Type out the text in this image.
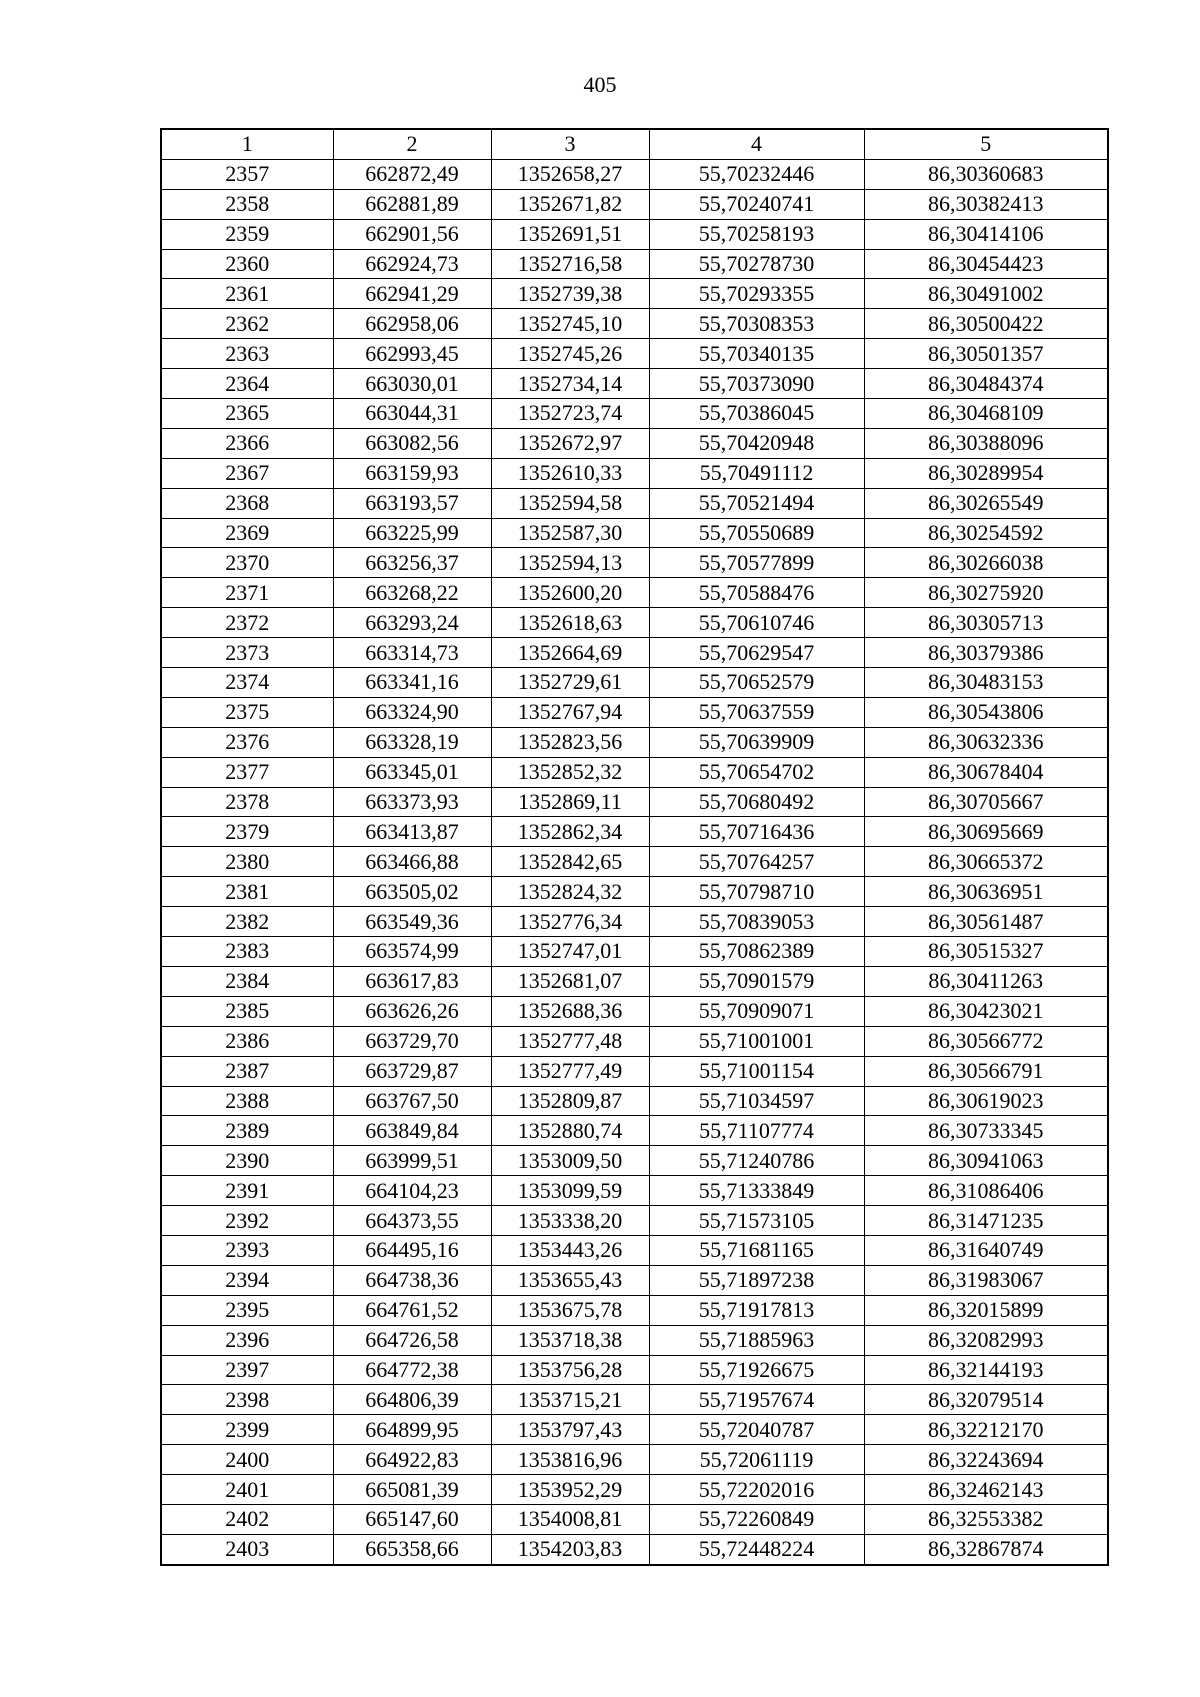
405
1	2	3	4	5
2357	662872,49	1352658,27	55,70232446	86,30360683
2358	662881,89	1352671,82	55,70240741	86,30382413
2359	662901,56	1352691,51	55,70258193	86,30414106
2360	662924,73	1352716,58	55,70278730	86,30454423
2361	662941,29	1352739,38	55,70293355	86,30491002
2362	662958,06	1352745,10	55,70308353	86,30500422
2363	662993,45	1352745,26	55,70340135	86,30501357
2364	663030,01	1352734,14	55,70373090	86,30484374
2365	663044,31	1352723,74	55,70386045	86,30468109
2366	663082,56	1352672,97	55,70420948	86,30388096
2367	663159,93	1352610,33	55,70491112	86,30289954
2368	663193,57	1352594,58	55,70521494	86,30265549
2369	663225,99	1352587,30	55,70550689	86,30254592
2370	663256,37	1352594,13	55,70577899	86,30266038
2371	663268,22	1352600,20	55,70588476	86,30275920
2372	663293,24	1352618,63	55,70610746	86,30305713
2373	663314,73	1352664,69	55,70629547	86,30379386
2374	663341,16	1352729,61	55,70652579	86,30483153
2375	663324,90	1352767,94	55,70637559	86,30543806
2376	663328,19	1352823,56	55,70639909	86,30632336
2377	663345,01	1352852,32	55,70654702	86,30678404
2378	663373,93	1352869,11	55,70680492	86,30705667
2379	663413,87	1352862,34	55,70716436	86,30695669
2380	663466,88	1352842,65	55,70764257	86,30665372
2381	663505,02	1352824,32	55,70798710	86,30636951
2382	663549,36	1352776,34	55,70839053	86,30561487
2383	663574,99	1352747,01	55,70862389	86,30515327
2384	663617,83	1352681,07	55,70901579	86,30411263
2385	663626,26	1352688,36	55,70909071	86,30423021
2386	663729,70	1352777,48	55,71001001	86,30566772
2387	663729,87	1352777,49	55,71001154	86,30566791
2388	663767,50	1352809,87	55,71034597	86,30619023
2389	663849,84	1352880,74	55,71107774	86,30733345
2390	663999,51	1353009,50	55,71240786	86,30941063
2391	664104,23	1353099,59	55,71333849	86,31086406
2392	664373,55	1353338,20	55,71573105	86,31471235
2393	664495,16	1353443,26	55,71681165	86,31640749
2394	664738,36	1353655,43	55,71897238	86,31983067
2395	664761,52	1353675,78	55,71917813	86,32015899
2396	664726,58	1353718,38	55,71885963	86,32082993
2397	664772,38	1353756,28	55,71926675	86,32144193
2398	664806,39	1353715,21	55,71957674	86,32079514
2399	664899,95	1353797,43	55,72040787	86,32212170
2400	664922,83	1353816,96	55,72061119	86,32243694
2401	665081,39	1353952,29	55,72202016	86,32462143
2402	665147,60	1354008,81	55,72260849	86,32553382
2403	665358,66	1354203,83	55,72448224	86,32867874
